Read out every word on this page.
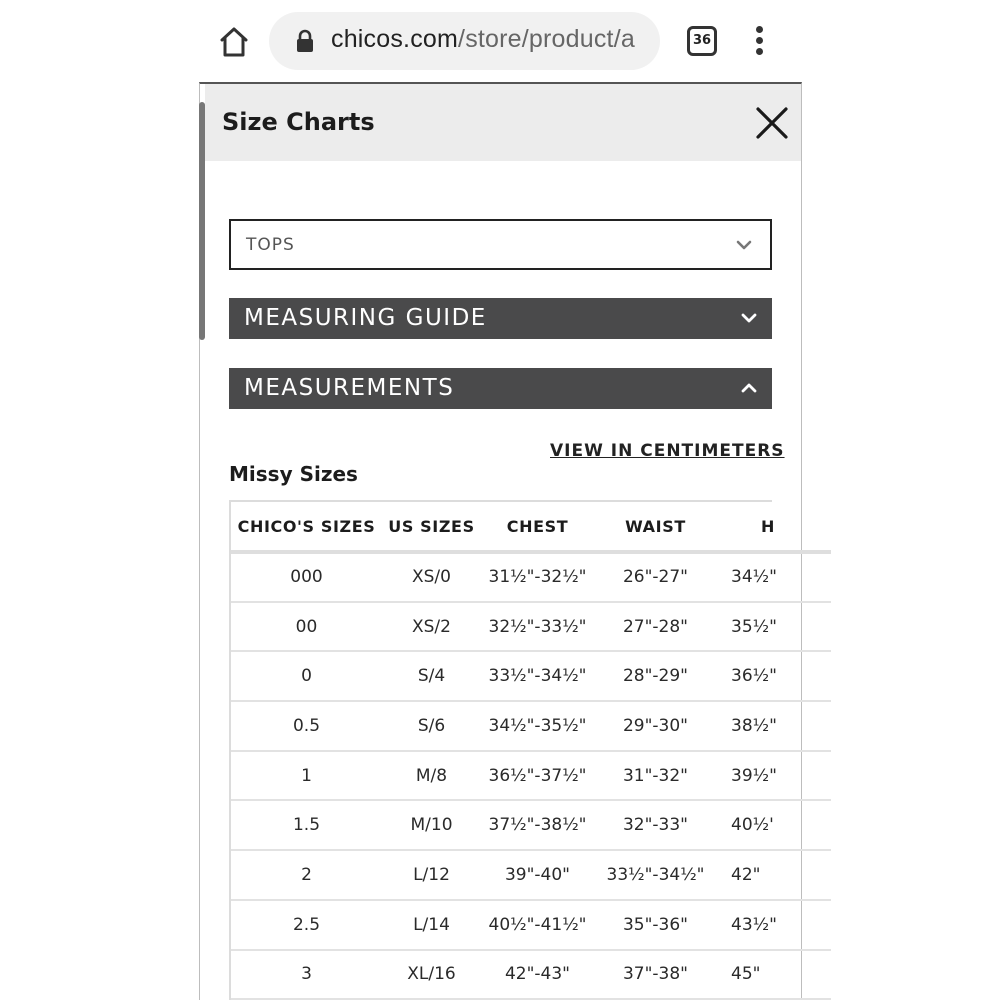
chicos.com/store/product/a	36
Size Charts
TOPS
MEASURING GUIDE
MEASUREMENTS
VIEW IN CENTIMETERS
Missy Sizes
CHICO'S SIZES	US SIZES	CHEST	WAIST	H
000	XS/0	31½"-32½"	26"-27"	34½"
00	XS/2	32½"-33½"	27"-28"	35½"
0	S/4	33½"-34½"	28"-29"	36½"
0.5	S/6	34½"-35½"	29"-30"	38½"
1	M/8	36½"-37½"	31"-32"	39½"
1.5	M/10	37½"-38½"	32"-33"	40½'
2	L/12	39"-40"	33½"-34½"	42"
2.5	L/14	40½"-41½"	35"-36"	43½"
3	XL/16	42"-43"	37"-38"	45"
